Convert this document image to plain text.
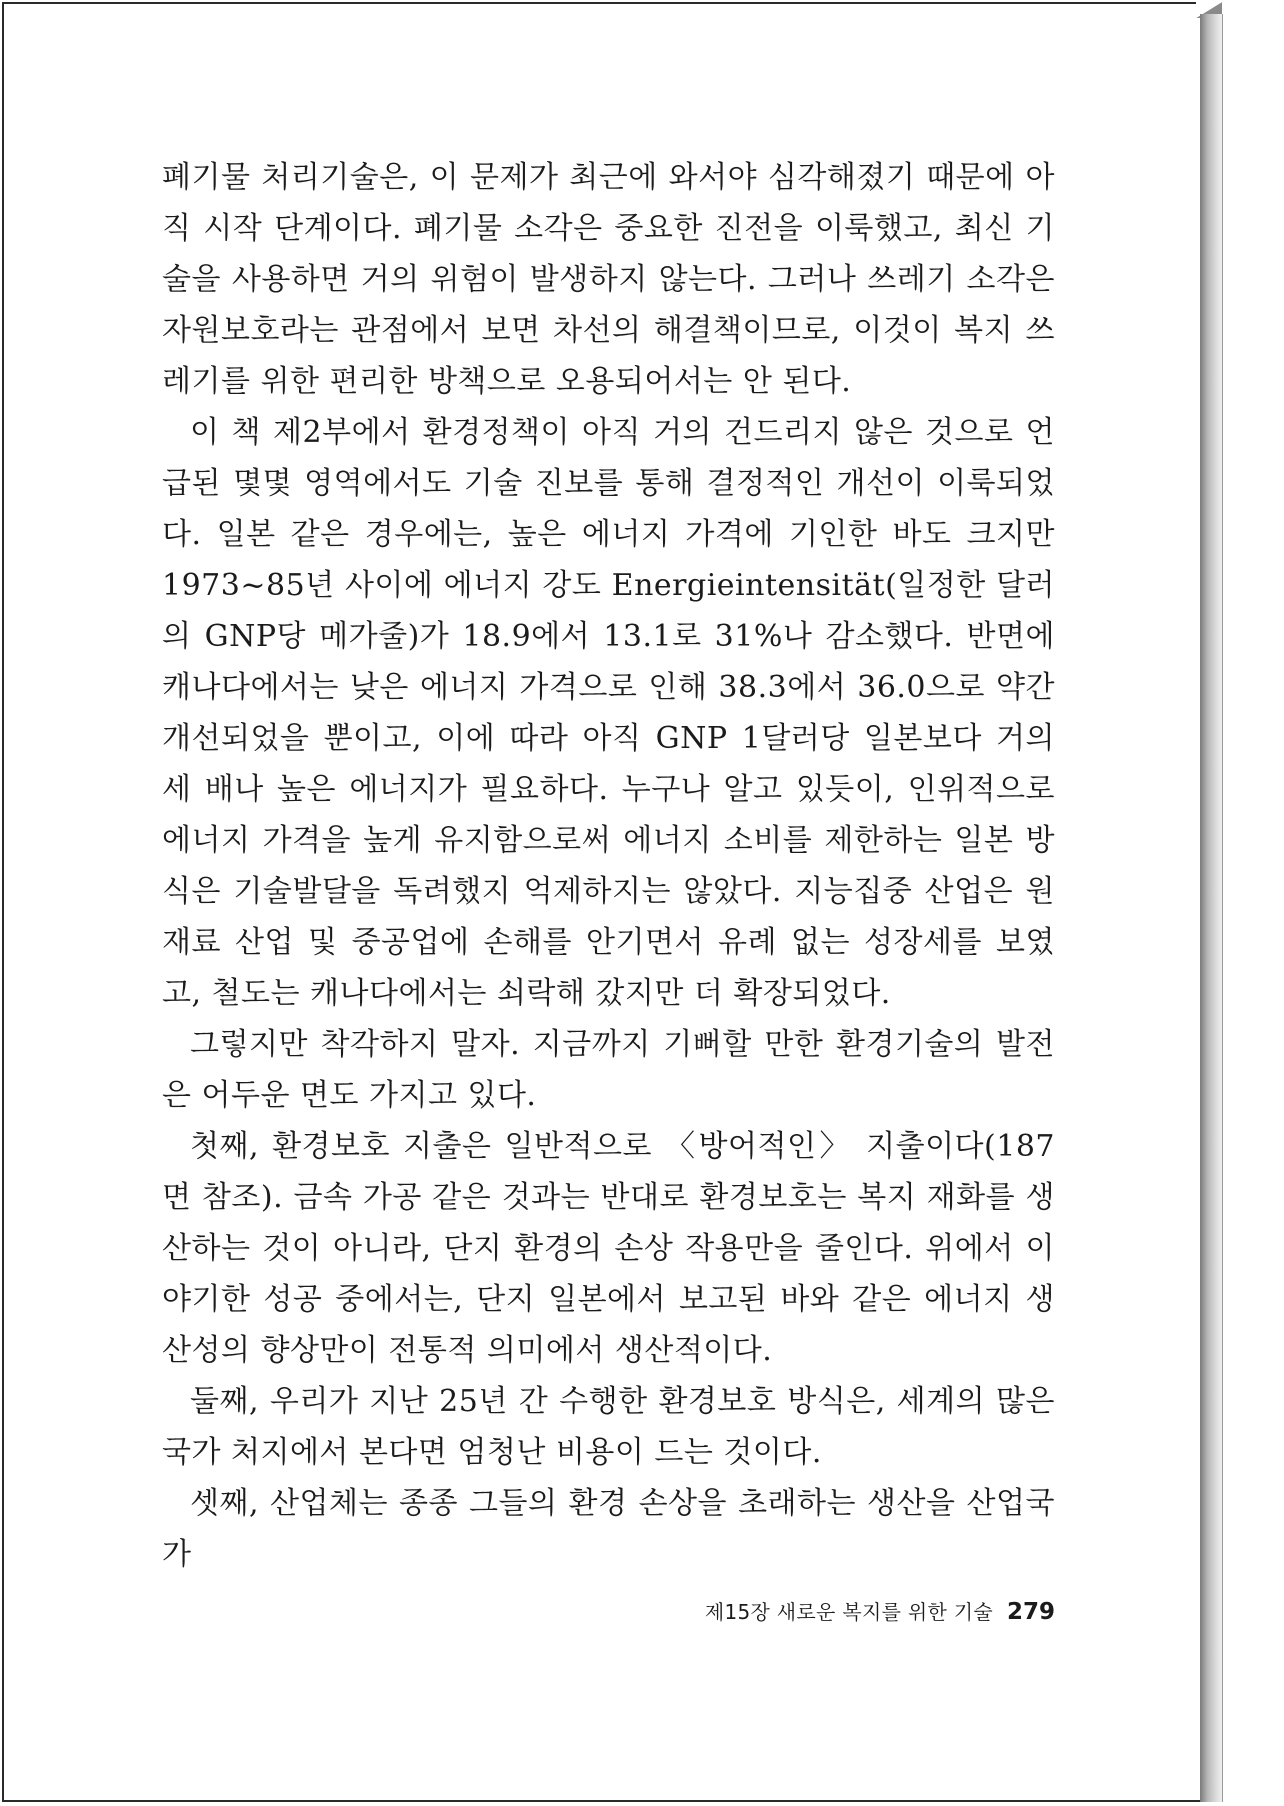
폐기물 처리기술은, 이 문제가 최근에 와서야 심각해졌기 때문에 아직 시작 단계이다. 폐기물 소각은 중요한 진전을 이룩했고, 최신 기술을 사용하면 거의 위험이 발생하지 않는다. 그러나 쓰레기 소각은 자원보호라는 관점에서 보면 차선의 해결책이므로, 이것이 복지 쓰레기를 위한 편리한 방책으로 오용되어서는 안 된다.

이 책 제2부에서 환경정책이 아직 거의 건드리지 않은 것으로 언급된 몇몇 영역에서도 기술 진보를 통해 결정적인 개선이 이룩되었다. 일본 같은 경우에는, 높은 에너지 가격에 기인한 바도 크지만 1973~85년 사이에 에너지 강도 Energieintensität(일정한 달러의 GNP당 메가줄)가 18.9에서 13.1로 31%나 감소했다. 반면에 캐나다에서는 낮은 에너지 가격으로 인해 38.3에서 36.0으로 약간 개선되었을 뿐이고, 이에 따라 아직 GNP 1달러당 일본보다 거의 세 배나 높은 에너지가 필요하다. 누구나 알고 있듯이, 인위적으로 에너지 가격을 높게 유지함으로써 에너지 소비를 제한하는 일본 방식은 기술발달을 독려했지 억제하지는 않았다. 지능집중 산업은 원재료 산업 및 중공업에 손해를 안기면서 유례 없는 성장세를 보였고, 철도는 캐나다에서는 쇠락해 갔지만 더 확장되었다.

그렇지만 착각하지 말자. 지금까지 기뻐할 만한 환경기술의 발전은 어두운 면도 가지고 있다.

첫째, 환경보호 지출은 일반적으로 〈방어적인〉 지출이다(187면 참조). 금속 가공 같은 것과는 반대로 환경보호는 복지 재화를 생산하는 것이 아니라, 단지 환경의 손상 작용만을 줄인다. 위에서 이야기한 성공 중에서는, 단지 일본에서 보고된 바와 같은 에너지 생산성의 향상만이 전통적 의미에서 생산적이다.

둘째, 우리가 지난 25년 간 수행한 환경보호 방식은, 세계의 많은 국가 처지에서 본다면 엄청난 비용이 드는 것이다.

셋째, 산업체는 종종 그들의 환경 손상을 초래하는 생산을 산업국가

제15장 새로운 복지를 위한 기술 279
